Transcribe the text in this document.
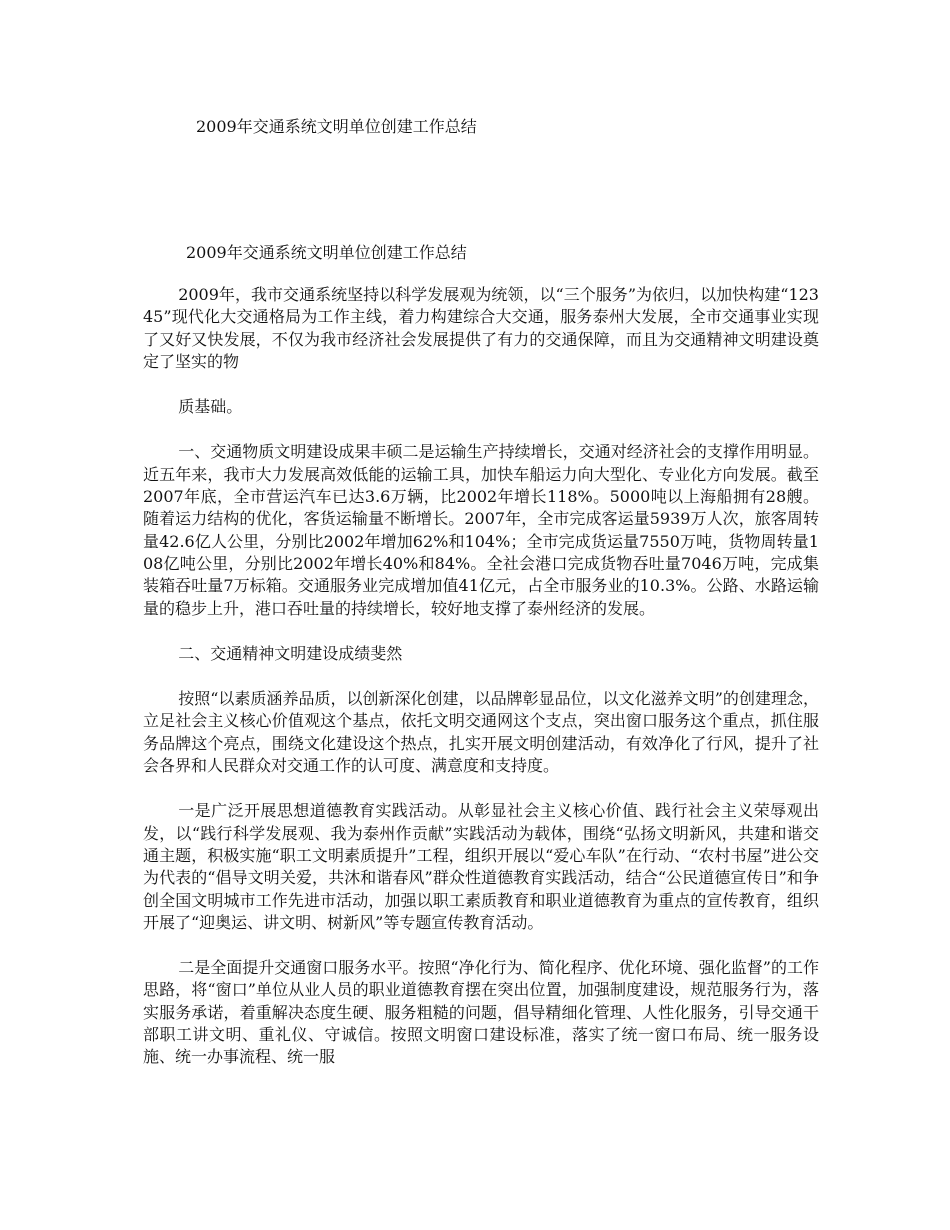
2009年交通系统文明单位创建工作总结
2009年交通系统文明单位创建工作总结

2009年，我市交通系统坚持以科学发展观为统领，以“三个服务”为依归，以加快构建“12345”现代化大交通格局为工作主线，着力构建综合大交通，服务泰州大发展，全市交通事业实现了又好又快发展，不仅为我市经济社会发展提供了有力的交通保障，而且为交通精神文明建设奠定了坚实的物

质基础。

一、交通物质文明建设成果丰硕二是运输生产持续增长，交通对经济社会的支撑作用明显。近五年来，我市大力发展高效低能的运输工具，加快车船运力向大型化、专业化方向发展。截至2007年底，全市营运汽车已达3.6万辆，比2002年增长118%。5000吨以上海船拥有28艘。随着运力结构的优化，客货运输量不断增长。2007年，全市完成客运量5939万人次，旅客周转量42.6亿人公里，分别比2002年增加62%和104%；全市完成货运量7550万吨，货物周转量108亿吨公里，分别比2002年增长40%和84%。全社会港口完成货物吞吐量7046万吨，完成集装箱吞吐量7万标箱。交通服务业完成增加值41亿元，占全市服务业的10.3%。公路、水路运输量的稳步上升，港口吞吐量的持续增长，较好地支撑了泰州经济的发展。

二、交通精神文明建设成绩斐然

按照“以素质涵养品质，以创新深化创建，以品牌彰显品位，以文化滋养文明”的创建理念，立足社会主义核心价值观这个基点，依托文明交通网这个支点，突出窗口服务这个重点，抓住服务品牌这个亮点，围绕文化建设这个热点，扎实开展文明创建活动，有效净化了行风，提升了社会各界和人民群众对交通工作的认可度、满意度和支持度。

一是广泛开展思想道德教育实践活动。从彰显社会主义核心价值、践行社会主义荣辱观出发，以“践行科学发展观、我为泰州作贡献”实践活动为载体，围绕“弘扬文明新风，共建和谐交通主题，积极实施“职工文明素质提升”工程，组织开展以“爱心车队”在行动、“农村书屋”进公交为代表的“倡导文明关爱，共沐和谐春风”群众性道德教育实践活动，结合“公民道德宣传日”和争创全国文明城市工作先进市活动，加强以职工素质教育和职业道德教育为重点的宣传教育，组织开展了“迎奥运、讲文明、树新风”等专题宣传教育活动。

二是全面提升交通窗口服务水平。按照“净化行为、简化程序、优化环境、强化监督”的工作思路，将“窗口”单位从业人员的职业道德教育摆在突出位置，加强制度建设，规范服务行为，落实服务承诺，着重解决态度生硬、服务粗糙的问题，倡导精细化管理、人性化服务，引导交通干部职工讲文明、重礼仪、守诚信。按照文明窗口建设标准，落实了统一窗口布局、统一服务设施、统一办事流程、统一服
